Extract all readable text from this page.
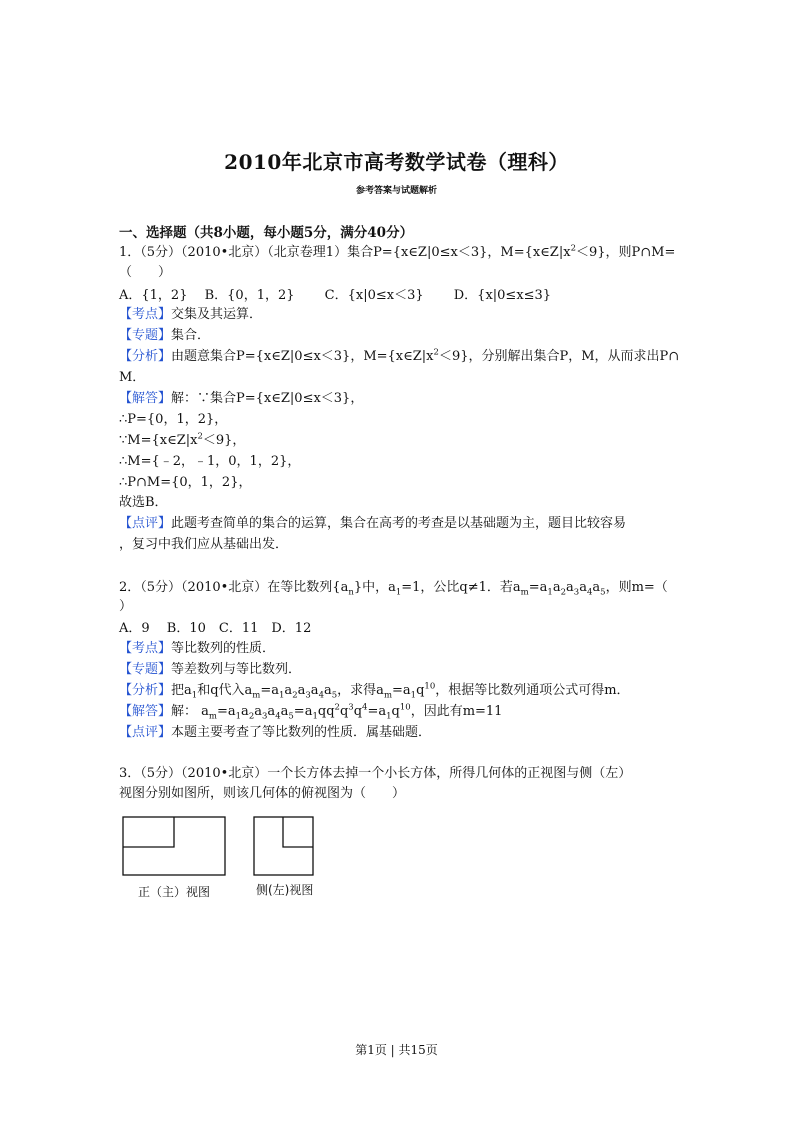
2010年北京市高考数学试卷（理科）
参考答案与试题解析
一、选择题（共8小题，每小题5分，满分40分）
1．（5分）（2010•北京）（北京卷理1）集合P={x∈Z|0≤x＜3}，$M=\{x\in Z|x^2<9\}$，则P∩M=
（　　）
A．{1，2}　 B．{0，1，2}　 　C．{x|0≤x＜3}　 　D．{x|0≤x≤3}
【考点】交集及其运算．
【专题】集合．
【分析】由题意集合P={x∈Z|0≤x＜3}，$M=\{x\in Z|x^2<9\}$，分别解出集合P，M，从而求出P∩
M．
【解答】解：∵集合P={x∈Z|0≤x＜3}，
∴P={0，1，2}，
$\because M=\{x\in Z|x^2<9\}$，
∴M={﹣2，﹣1，0，1，2}，
∴P∩M={0，1，2}，
故选B．
【点评】此题考查简单的集合的运算，集合在高考的考查是以基础题为主，题目比较容易
，复习中我们应从基础出发．
2．（5分）（2010•北京）在等比数列$\{a_n\}$中，$a_1=1$，公比q≠1．若$a_m=a_1a_2a_3a_4a_5$，则m=（
）
A．9　 B．10　C．11　D．12
【考点】等比数列的性质．
【专题】等差数列与等比数列．
【分析】把$a_1$和q代入$a_m=a_1a_2a_3a_4a_5$，求得$a_m=a_1q^{10}$，根据等比数列通项公式可得m．
【解答】解： $a_m=a_1a_2a_3a_4a_5=a_1qq^2q^3q^4=a_1q^{10}$，因此有m=11
【点评】本题主要考查了等比数列的性质．属基础题．
3．（5分）（2010•北京）一个长方体去掉一个小长方体，所得几何体的正视图与侧（左）
视图分别如图所，则该几何体的俯视图为（　　）
正（主）视图	侧(左)视图
第1页 | 共15页
